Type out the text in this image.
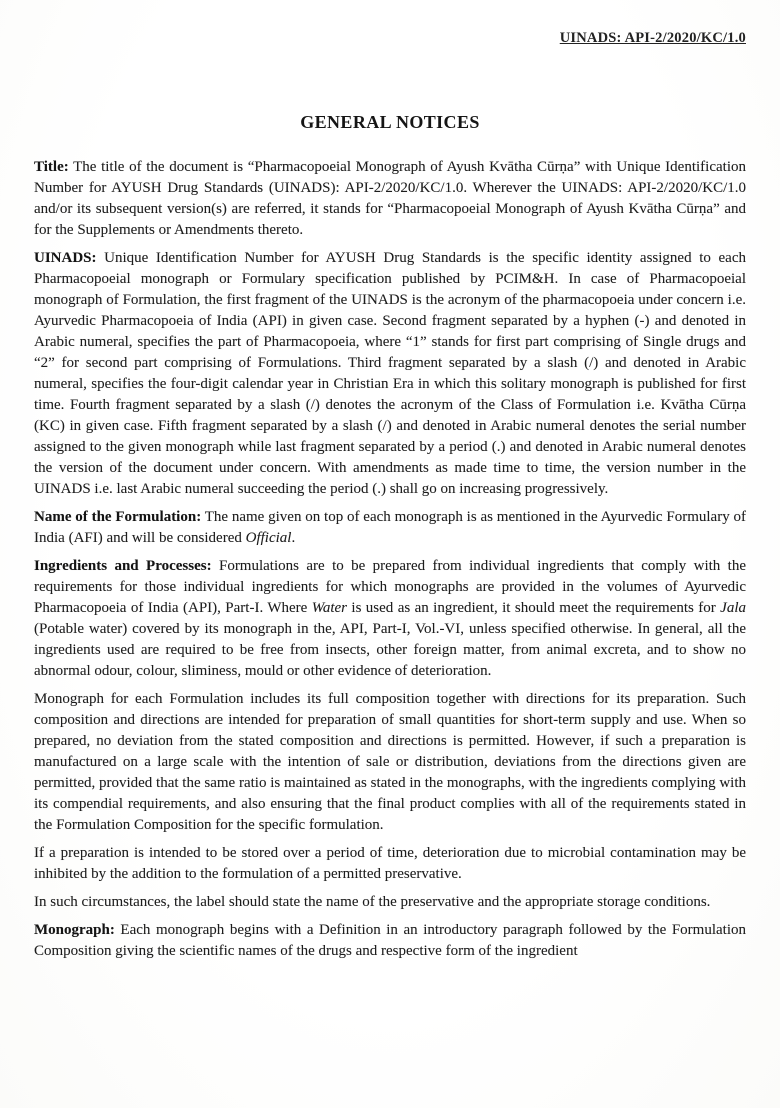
UINADS: API-2/2020/KC/1.0
GENERAL NOTICES

Title: The title of the document is “Pharmacopoeial Monograph of Ayush Kvātha Cūrṇa” with Unique Identification Number for AYUSH Drug Standards (UINADS): API-2/2020/KC/1.0. Wherever the UINADS: API-2/2020/KC/1.0 and/or its subsequent version(s) are referred, it stands for “Pharmacopoeial Monograph of Ayush Kvātha Cūrṇa” and for the Supplements or Amendments thereto.

UINADS: Unique Identification Number for AYUSH Drug Standards is the specific identity assigned to each Pharmacopoeial monograph or Formulary specification published by PCIM&H. In case of Pharmacopoeial monograph of Formulation, the first fragment of the UINADS is the acronym of the pharmacopoeia under concern i.e. Ayurvedic Pharmacopoeia of India (API) in given case. Second fragment separated by a hyphen (-) and denoted in Arabic numeral, specifies the part of Pharmacopoeia, where “1” stands for first part comprising of Single drugs and “2” for second part comprising of Formulations. Third fragment separated by a slash (/) and denoted in Arabic numeral, specifies the four-digit calendar year in Christian Era in which this solitary monograph is published for first time. Fourth fragment separated by a slash (/) denotes the acronym of the Class of Formulation i.e. Kvātha Cūrṇa (KC) in given case. Fifth fragment separated by a slash (/) and denoted in Arabic numeral denotes the serial number assigned to the given monograph while last fragment separated by a period (.) and denoted in Arabic numeral denotes the version of the document under concern. With amendments as made time to time, the version number in the UINADS i.e. last Arabic numeral succeeding the period (.) shall go on increasing progressively.

Name of the Formulation: The name given on top of each monograph is as mentioned in the Ayurvedic Formulary of India (AFI) and will be considered Official.

Ingredients and Processes: Formulations are to be prepared from individual ingredients that comply with the requirements for those individual ingredients for which monographs are provided in the volumes of Ayurvedic Pharmacopoeia of India (API), Part-I. Where Water is used as an ingredient, it should meet the requirements for Jala (Potable water) covered by its monograph in the, API, Part-I, Vol.-VI, unless specified otherwise. In general, all the ingredients used are required to be free from insects, other foreign matter, from animal excreta, and to show no abnormal odour, colour, sliminess, mould or other evidence of deterioration.

Monograph for each Formulation includes its full composition together with directions for its preparation. Such composition and directions are intended for preparation of small quantities for short-term supply and use. When so prepared, no deviation from the stated composition and directions is permitted. However, if such a preparation is manufactured on a large scale with the intention of sale or distribution, deviations from the directions given are permitted, provided that the same ratio is maintained as stated in the monographs, with the ingredients complying with its compendial requirements, and also ensuring that the final product complies with all of the requirements stated in the Formulation Composition for the specific formulation.

If a preparation is intended to be stored over a period of time, deterioration due to microbial contamination may be inhibited by the addition to the formulation of a permitted preservative.

In such circumstances, the label should state the name of the preservative and the appropriate storage conditions.

Monograph: Each monograph begins with a Definition in an introductory paragraph followed by the Formulation Composition giving the scientific names of the drugs and respective form of the ingredient
